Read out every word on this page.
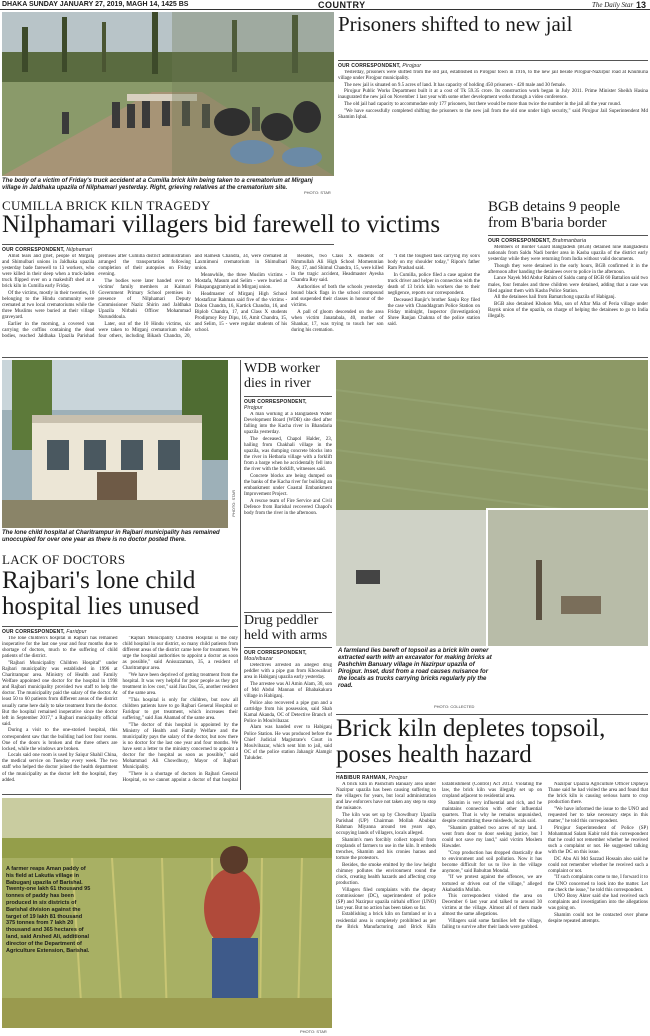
DHAKA SUNDAY JANUARY 27, 2019, MAGH 14, 1425 BS	COUNTRY	The Daily Star 13
The body of a victim of Friday's truck accident at a Cumilla brick kiln being taken to a crematorium at Mirganj village in Jaldhaka upazila of Nilphamari yesterday. Right, grieving relatives at the crematorium site.
PHOTO: STAR
Prisoners shifted to new jail
OUR CORRESPONDENT, Pirojpur

Yesterday, prisoners were shifted from the old jail, established in Pirojpur town in 1916, to the new jail beside Pirojpur-Nazirpur road at Khumuria village under Pirojpur municipality.

The new jail is situated on 9.5 acres of land. It has capacity of holding 450 prisoners - 420 male and 30 female.

Pirojpur Public Works Department built it at a cost of Tk 59.35 crore. Its construction work began in July 2011. Prime Minister Sheikh Hasina inaugurated the new jail on November 1 last year with some other development works through a video conference.

The old jail had capacity to accommodate only 177 prisoners, but there would be more than twice the number in the jail all the year round.

"We have successfully completed shifting the prisoners to the new jail from the old one under high security," said Pirojpur Jail Superintendent Md Shamim Iqbal.

CUMILLA BRICK KILN TRAGEDY
Nilphamari villagers bid farewell to victims
OUR CORRESPONDENT, Nilphamari

Amid tears and grief, people of Mirganj and Shimulbari unions in Jaldhaka upazila yesterday bade farewell to 13 workers, who were killed in their sleep when a truck-laden truck flipped over on a makeshift shed at a brick kiln in Cumilla early Friday.

Of the victims, mostly in their twenties, 10 belonging to the Hindu community were cremated at two local crematoriums while the three Muslims were buried at their village graveyard.

Earlier in the morning, a covered van carrying the coffins containing the dead bodies, reached Jaldhaka Upazila Parishad premises after Cumilla district administration arranged the transportation following completion of their autopsies on Friday evening.

The bodies were later handed over to victims' family members at Kaimari Government Primary School premises in presence of Nilphamari Deputy Commissioner Naziz Shirin and Jaldhaka Upazila Nirbahi Officer Mohammad Nurunddoula.

Later, out of the 10 Hindu victims, six were taken to Mirganj crematorium while four others, including Bikash Chandra, 20, and Ramesh Chandra, 34, were cremated at Laxmimoni crematorium in Shimulbari union.

Meanwhile, the three Muslim victims - Mostafa, Masum and Selim - were buried at Pakapangagramiyad in Mirganj union.

Headmaster of Mirganj High School Mostafizur Rahman said five of the victims - Dolon Chandra, 16, Kartick Chandra, 16, and Biplob Chandra, 17, and Class X students Prodipmoy Roy Dipu, 16, Amit Chandra, 15, and Selim, 15 - were regular students of his school.

Besides, two Class X students of Nimmullah Ali High School Momenmian Roy, 17, and Shimul Chandra, 15, were killed in the tragic accident, Headmaster Ayesha Chandra Roy said.

Authorities of both the schools yesterday bound black flags in the school compound and suspended their classes in honour of the victims.

A pall of gloom descended on the area when victim Janatabala, 40, mother of Shankar, 17, was trying to touch her son during his cremation.

"I did the toughest task carrying my son's body on my shoulder today," Ripon's father Ram Prashad said.

In Cumilla, police filed a case against the truck driver and helper in connection with the death of 13 brick kiln workers due to their negligence, reports our correspondent.

Deceased Banjir's brother Sanju Roy filed the case with Chauddagram Police Station on Friday midnight, Inspector (Investigation) Shree Ranjan Chakma of the police station said.

BGB detains 9 people from B'baria border
OUR CORRESPONDENT, Brahmanbaria

Members of Border Guard Bangladesh (BGB) detained nine Bangladeshi nationals from Saldu Nadi border area in Kasba upazila of the district early yesterday while they were returning from India without valid documents.

Though they were detained in the early hours, BGB confirmed it in the afternoon after handing the detainees over to police in the afternoon.

Lance Nayek Md Abdur Rahim of Saldu camp of BGB 60 Battalion said two males, four females and three children were detained, adding that a case was filed against them with Kasba Police Station.

All the detainees hail from Bamatchong upazila of Habiganj.

BGB also detained Khokon Mia, son of Aftar Mia of Peria village under Baynk union of the upazila, on charge of helping the detainees to go to India illegally.

PHOTO: STAR
The lone child hospital at Charitrampur in Rajbari municipality has remained unoccupied for over one year as there is no doctor posted there.
LACK OF DOCTORS
Rajbari's lone child hospital lies unused
OUR CORRESPONDENT, Faridpur

The lone children's hospital in Rajbari has remained inoperative for the last one year and four months due to shortage of doctors, much to the suffering of child patients of the district.

"Rajbari Municipality Children Hospital" under Rajbari municipality was established in 1996 at Charitrampur area. Ministry of Health and Family Welfare appointed one doctor for the hospital in 1998 and Rajbari municipality provided two staff to help the doctor. The municipality paid the salary of the doctor. At least 50 to 60 patients from different areas of the district usually came here daily to take treatment from the doctor. But the hospital remained inoperative since the doctor left in September 2017," a Rajbari municipality official said.

During a visit to the one-storied hospital, this correspondent saw that the building had lost four rooms. One of the doors is broken and the three others are locked, while the windows are broken.

Locals said one room is used by Saiqur Shahil China, the medical service on Tuesday every week. The two staff who helped the doctor joined the health department of the municipality as the doctor left the hospital, they added.

"Rajbari Municipality Children Hospital is the only child hospital in our district, so many child patients from different areas of the district came here for treatment. We urge the hospital authorities to appoint a doctor as soon as possible," said Anisuzzaman, 35, a resident of Charitrampur area.

"We have been deprived of getting treatment from the hospital. It was very helpful for poor people as they got treatment in low cost," said Jiau Das, 55, another resident of the same area.

"This hospital is only for children, but now all children patients have to go Rajbari General Hospital or Faridpur to get treatment, which increases their suffering," said Jiau Ahamad of the same area.

"The doctor of this hospital is appointed by the Ministry of Health and Family Welfare and the municipality pays the salary of the doctor, but now there is no doctor for the last one year and four months. We have sent a letter to the ministry concerned to appoint a doctor for the hospital as soon as possible," said Mohammad Ali Chowdhury, Mayor of Rajbari Municipality.

"There is a shortage of doctors in Rajbari General Hospital, so we cannot appoint a doctor of that hospital

WDB worker dies in river
OUR CORRESPONDENT,
Pirojpur

A man working at a Bangladesh Water Development Board (WDB) site died after falling into the Kacha river in Bhandaria upazila yesterday.

The deceased, Chapol Halder, 23, hailing from Chakhali village in the upazila, was dumping concrete blocks into the river in Hetbaria village with a forklift from a barge when he accidentally fell into the river with the forklift, witnesses said.

Concrete blocks are being dumped on the banks of the Kacha river for building an embankment under Coastal Embankment Improvement Project.

A rescue team of Fire Service and Civil Defence from Barishal recovered Chapol's body from the river in the afternoon.

Drug peddler held with arms
OUR CORRESPONDENT,
Moulvibazar

Detectives arrested an alleged drug peddler with a pipe gun from Khowaikuri area in Habiganj upazila early yesterday.

The arrestee was Al Amin Alam, 30, son of Md Abdul Mannan of Bhabakakura village in Habiganj.

Police also recovered a pipe gun and a cartridge from his possession, said Shah Kamal Akanda, OC of Detective Branch of Police in Moulvibazar.

Alam was handed over to Habiganj Police Station. He was produced before the Chief Judicial Magistrate's Court in Moulvibazar, which sent him to jail, said OC of the police station Jahangir Alamgir Talukder.

A farmland lies bereft of topsoil as a brick kiln owner extracted earth with an excavator for making bricks at Pashchim Banuary village in Nazirpur upazila of Pirojpur. Inset, dust from a road causes nuisance for the locals as trucks carrying bricks regularly ply the road.
PHOTO: COLLECTED
Brick kiln depletes topsoil, poses health hazard
HABIBUR RAHMAN, Pirojpur

A brick kiln in Pashchim Banuary area under Nazirpur upazila has been causing suffering to the villagers for years, but local administration and law enforcers have not taken any step to stop the nuisance.

The kiln was set up by Chowdhury Upazila Parishad (UP) Chairman Mollah Abubkar Rahman Miyanna around ten years ago, occupying lands of villagers, locals alleged.

Shamim's men forcibly collect topsoil from croplands of farmers to use in the kiln. It embeds trenches, Shamim and his cronies harass and torture the protestors.

Besides, the smoke emitted by the low height chimney pollutes the environment round the clock, creating health hazards and affecting crop production.

Villagers filed complaints with the deputy commissioner (DC), superintendent of police (SP) and Nazirpur upazila nirbahi officer (UNO) last year. But no action has been taken so far.

Establishing a brick kiln on farmland or in a residential area is completely prohibited as per the Brick Manufacturing and Brick Kiln Establishment (Control) Act 2013. Violating the law, the brick kiln was illegally set up on cropland adjacent to residential area.

Shamim is very influential and rich, and he maintains connection with other influential quarters. That is why he remains unpunished, despite committing these misdeeds, locals said.

"Shamim grabbed two acres of my land. I went from door to door seeking justice, but I could not save my land," said victim Moslem Hawader.

"Crop production has dropped drastically due to environment and soil pollution. Now it has become difficult for us to live in the village anymore," said Babultan Mondal.

"If we protest against the offences, we are tortured or driven out of the village," alleged Akabaddin Mollah.

This correspondent visited the area on December 6 last year and talked to around 30 victims at the village. Almost all of them made almost the same allegations.

Villagers said some families left the village, failing to survive after their lands were grabbed.

Nazirpur Upazila Agriculture Officer Dipheya Thane said he had visited the area and found that the brick kiln is causing serious harm to crop production there.

"We have informed the issue to the UNO and requested her to take necessary steps in this matter," he told this correspondent.

Pirojpur Superintendent of Police (SP) Mohammad Salam Kabir told this correspondent that he could not remember whether he received such a complaint or not. He suggested talking with the DC on this issue.

DC Abu Ali Md Sazzad Hossain also said he could not remember whether he received such a complaint or not.

"If such complaints come to me, I forward it to the UNO concerned to look into the matter. Let me check the issue," he told this correspondent.

UNO Bony Akter said she had received such complaints and investigation into the allegations was going on.

Shamim could not be contacted over phone despite repeated attempts.

A farmer reaps Aman paddy of his field at Lakutia village in Babuganj upazila of Barishal. Twenty-one lakh 61 thousand 95 tonnes of paddy has been produced in six districts of Barishal division against the target of 19 lakh 81 thousand 375 tonnes from 7 lakh 20 thousand and 365 hectares of land, said Arshed Ali, additional director of the Department of Agriculture Extension, Barishal.
PHOTO: STAR
